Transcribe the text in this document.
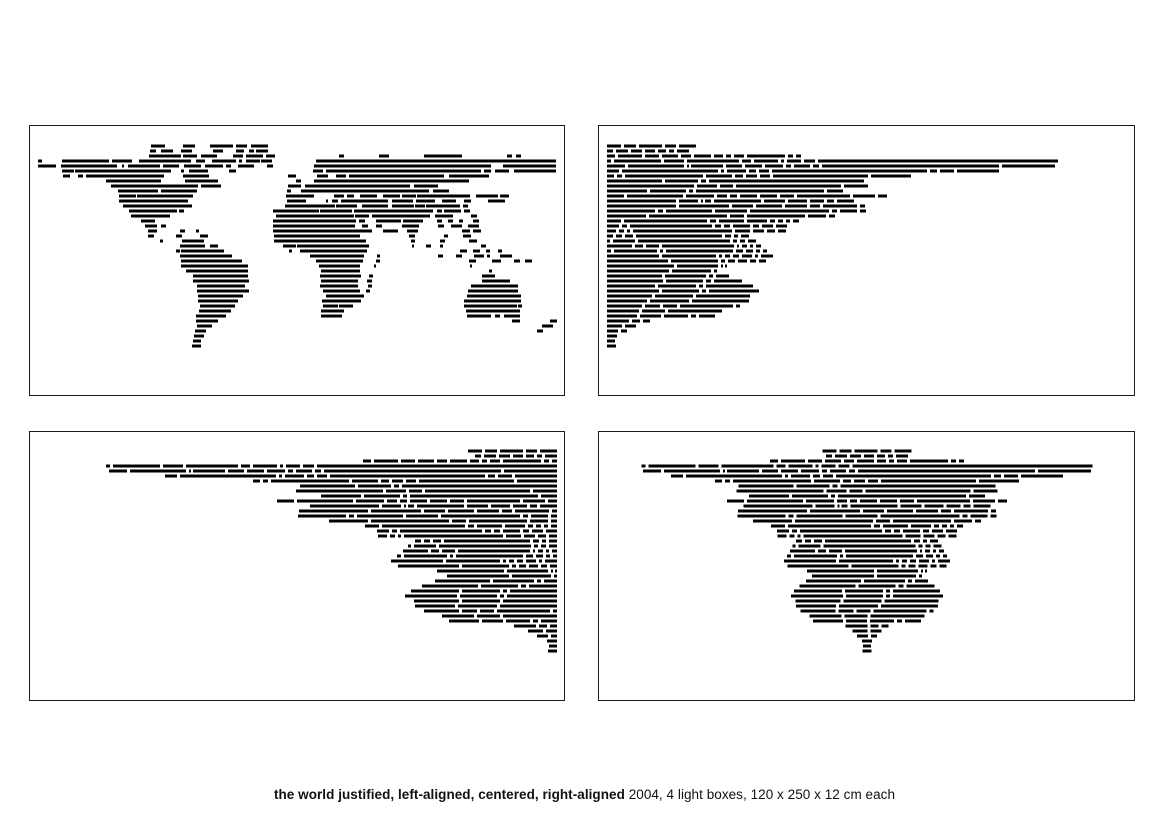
the world justified, left-aligned, centered, right-aligned 2004, 4 light boxes, 120 x 250 x 12 cm each
